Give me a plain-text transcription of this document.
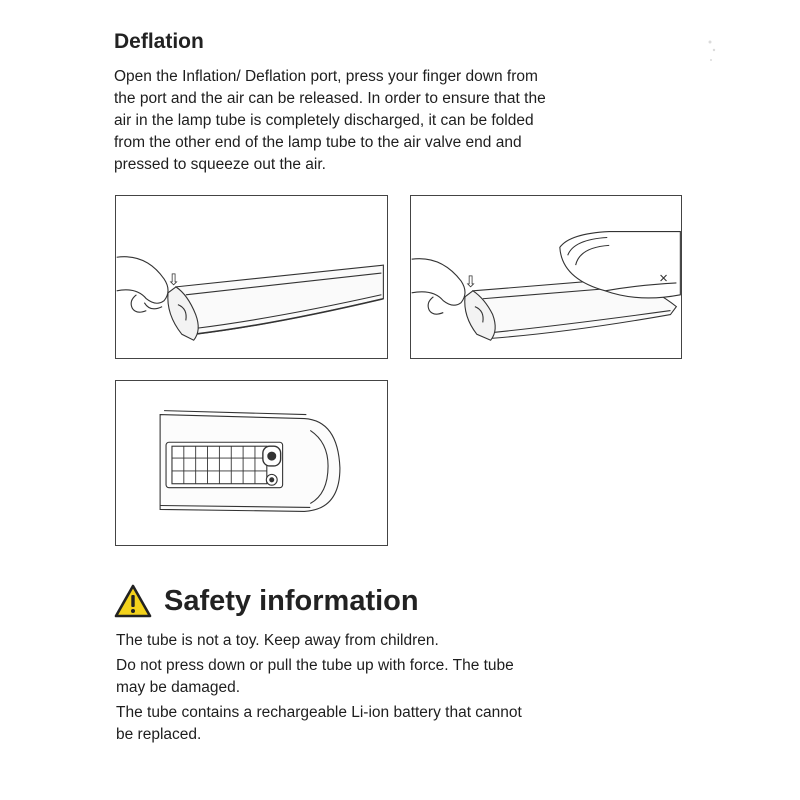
Deflation

Open the Inflation/ Deflation port, press your finger down from
the port and the air can be released. In order to ensure that the
air in the lamp tube is completely discharged, it can be folded
from the other end of the lamp tube to the air valve end and
pressed to squeeze out the air.

⇩	⇩
Safety information
The tube is not a toy. Keep away from children.
Do not press down or pull the tube up with force. The tube
may be damaged.
The tube contains a rechargeable Li-ion battery that cannot
be replaced.
